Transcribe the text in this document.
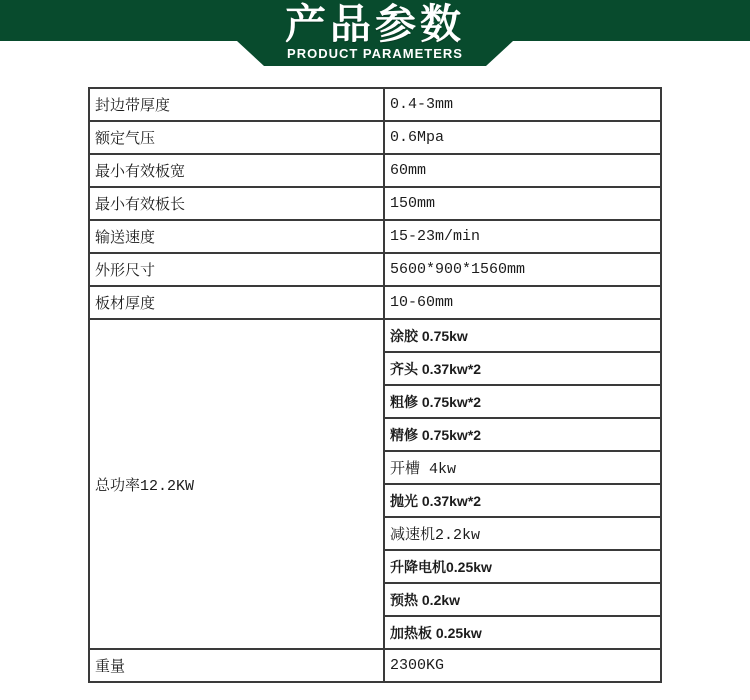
产品参数
PRODUCT PARAMETERS
封边带厚度	0.4-3mm
额定气压	0.6Mpa
最小有效板宽	60mm
最小有效板长	150mm
输送速度	15-23m/min
外形尺寸	5600*900*1560mm
板材厚度	10-60mm
总功率12.2KW	涂胶 0.75kw
	齐头 0.37kw*2
	粗修 0.75kw*2
	精修 0.75kw*2
	开槽 4kw
	抛光 0.37kw*2
	减速机2.2kw
	升降电机0.25kw
	预热 0.2kw
	加热板 0.25kw
重量	2300KG
